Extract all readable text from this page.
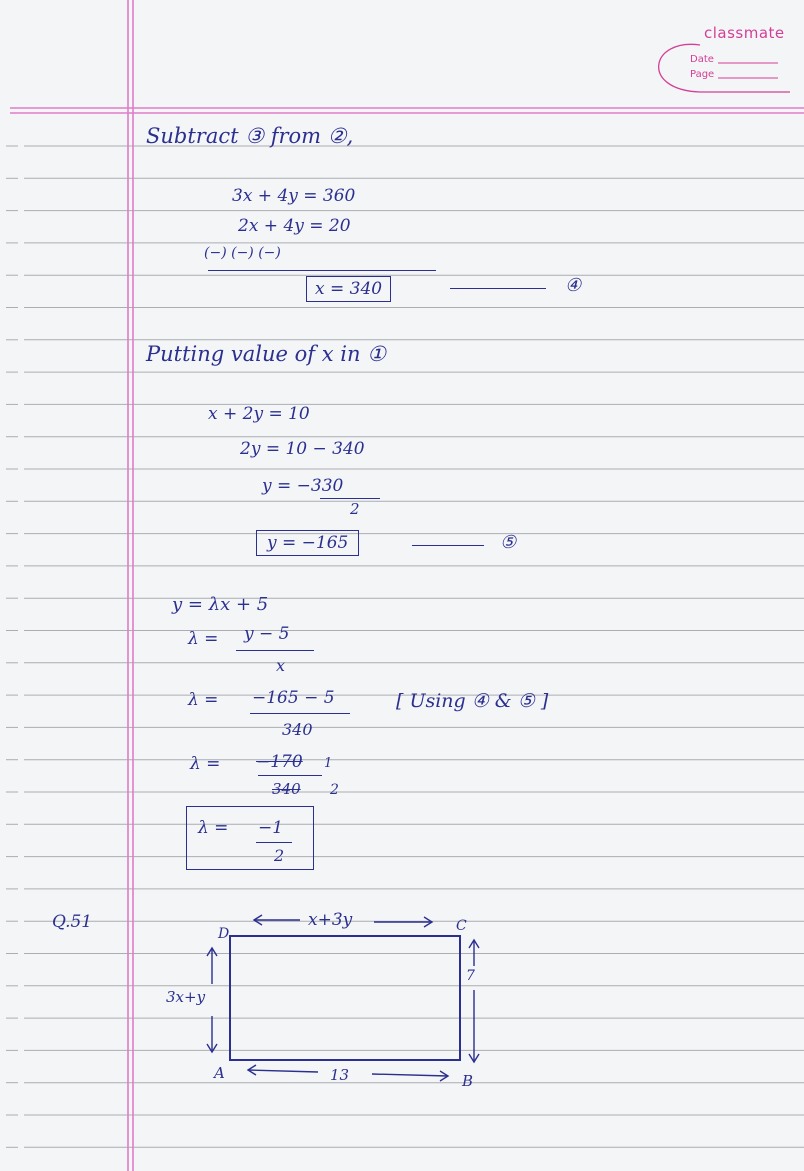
classmate
Date
Page
Subtract ③ from ②,
3x + 4y = 360
2x + 4y = 20
(−) (−) (−)
x = 340	④
Putting value of x in ①
x + 2y = 10
2y = 10 − 340
y = −330
2
y = −165	⑤
y = λx + 5
λ = y − 5
x
λ = −165 − 5
340
[ Using ④ & ⑤ ]
λ = −170 1
340 2
λ = −1
2
Q.51	x+3y
3x+y
7
13
A	B
C
D
